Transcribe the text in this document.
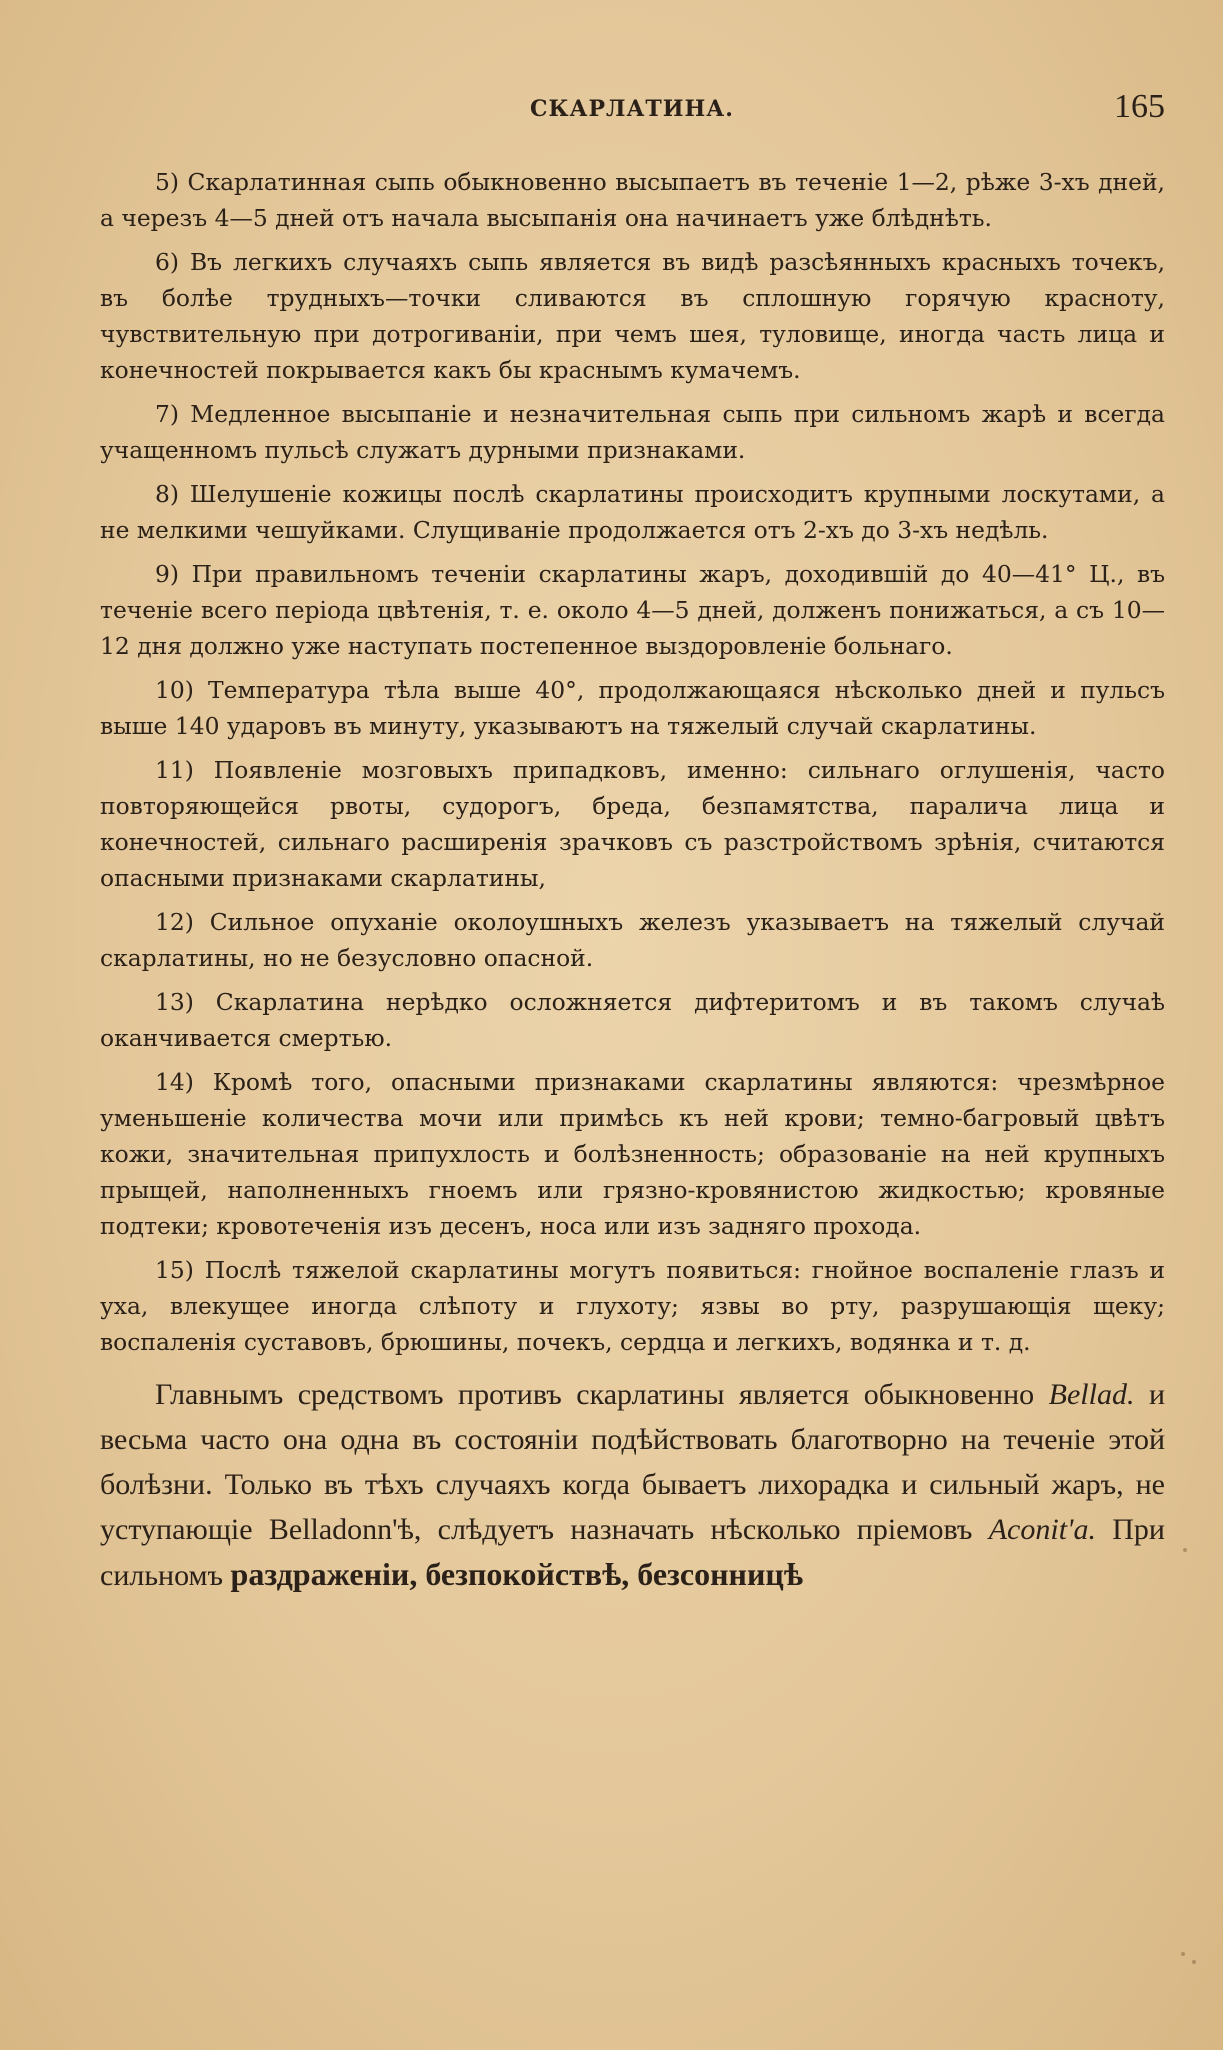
СКАРЛАТИНА.	165

5) Скарлатинная сыпь обыкновенно высыпаетъ въ теченіе 1—2, рѣже 3-хъ дней, а черезъ 4—5 дней отъ начала высыпанія она начинаетъ уже блѣднѣть.

6) Въ легкихъ случаяхъ сыпь является въ видѣ разсѣянныхъ красныхъ точекъ, въ болѣе трудныхъ—точки сливаются въ сплошную горячую красноту, чувствительную при дотрогиваніи, при чемъ шея, туловище, иногда часть лица и конечностей покрывается какъ бы краснымъ кумачемъ.

7) Медленное высыпаніе и незначительная сыпь при сильномъ жарѣ и всегда учащенномъ пульсѣ служатъ дурными признаками.

8) Шелушеніе кожицы послѣ скарлатины происходитъ крупными лоскутами, а не мелкими чешуйками. Слущиваніе продолжается отъ 2-хъ до 3-хъ недѣль.

9) При правильномъ теченіи скарлатины жаръ, доходившій до 40—41° Ц., въ теченіе всего періода цвѣтенія, т. е. около 4—5 дней, долженъ понижаться, а съ 10—12 дня должно уже наступать постепенное выздоровленіе больнаго.

10) Температура тѣла выше 40°, продолжающаяся нѣсколько дней и пульсъ выше 140 ударовъ въ минуту, указываютъ на тяжелый случай скарлатины.

11) Появленіе мозговыхъ припадковъ, именно: сильнаго оглушенія, часто повторяющейся рвоты, судорогъ, бреда, безпамятства, паралича лица и конечностей, сильнаго расширенія зрачковъ съ разстройствомъ зрѣнія, считаются опасными признаками скарлатины,

12) Сильное опуханіе околоушныхъ железъ указываетъ на тяжелый случай скарлатины, но не безусловно опасной.

13) Скарлатина нерѣдко осложняется дифтеритомъ и въ такомъ случаѣ оканчивается смертью.

14) Кромѣ того, опасными признаками скарлатины являются: чрезмѣрное уменьшеніе количества мочи или примѣсь къ ней крови; темно-багровый цвѣтъ кожи, значительная припухлость и болѣзненность; образованіе на ней крупныхъ прыщей, наполненныхъ гноемъ или грязно-кровянистою жидкостью; кровяные подтеки; кровотеченія изъ десенъ, носа или изъ задняго прохода.

15) Послѣ тяжелой скарлатины могутъ появиться: гнойное воспаленіе глазъ и уха, влекущее иногда слѣпоту и глухоту; язвы во рту, разрушающія щеку; воспаленія суставовъ, брюшины, почекъ, сердца и легкихъ, водянка и т. д.

Главнымъ средствомъ противъ скарлатины является обыкновенно Bellad. и весьма часто она одна въ состояніи подѣйствовать благотворно на теченіе этой болѣзни. Только въ тѣхъ случаяхъ когда бываетъ лихорадка и сильный жаръ, не уступающіе Belladonn'ѣ, слѣдуетъ назначать нѣсколько пріемовъ Aconit'a. При сильномъ раздраженіи, безпокойствѣ, безсонницѣ
